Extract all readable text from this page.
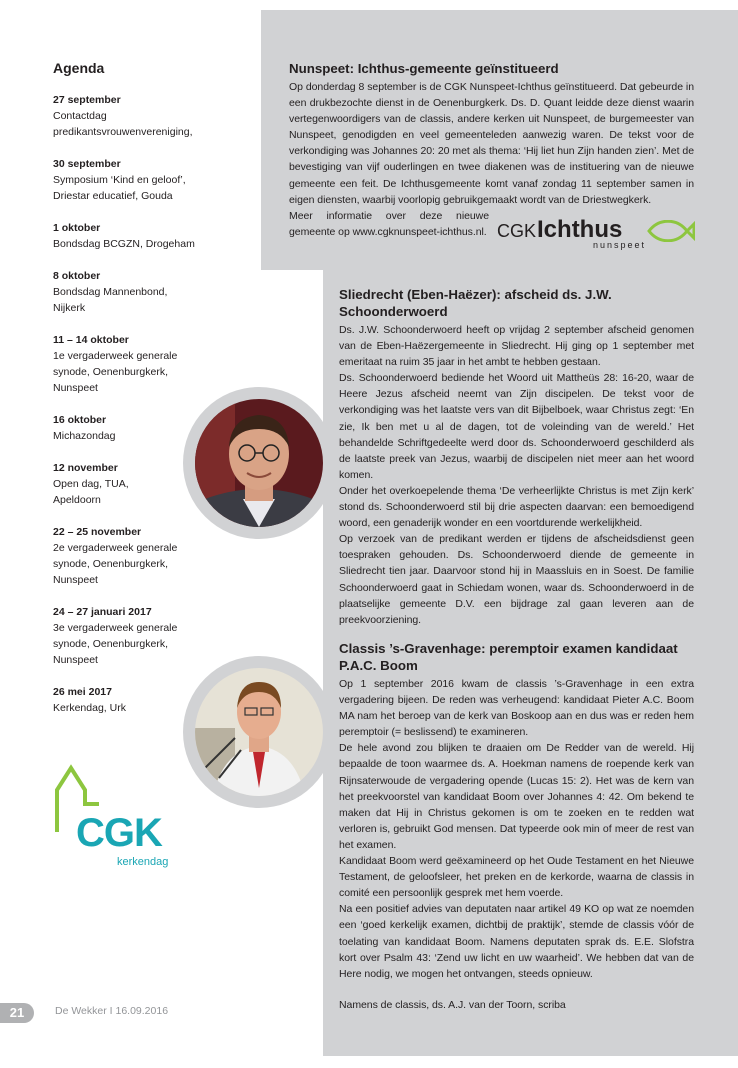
Agenda
27 september
Contactdag
predikantsvrouwenvereniging,
30 september
Symposium ‘Kind en geloof’,
Driestar educatief, Gouda
1 oktober
Bondsdag BCGZN, Drogeham
8 oktober
Bondsdag Mannenbond,
Nijkerk
11 – 14 oktober
1e vergaderweek generale
synode, Oenenburgkerk,
Nunspeet
16 oktober
Michazondag
12 november
Open dag, TUA,
Apeldoorn
22 – 25 november
2e vergaderweek generale
synode, Oenenburgkerk,
Nunspeet
24 – 27 januari 2017
3e vergaderweek generale
synode, Oenenburgkerk,
Nunspeet
26 mei 2017
Kerkendag, Urk
Nunspeet: Ichthus-gemeente geïnstitueerd

Op donderdag 8 september is de CGK Nunspeet-Ichthus geïnstitueerd. Dat gebeurde in een drukbezochte dienst in de Oenenburgkerk. Ds. D. Quant leidde deze dienst waarin vertegenwoordigers van de classis, andere kerken uit Nunspeet, de burgemeester van Nunspeet, genodigden en veel gemeenteleden aanwezig waren. De tekst voor de verkondiging was Johannes 20: 20 met als thema: ‘Hij liet hun Zijn handen zien’. Met de bevestiging van vijf ouderlingen en twee diakenen was de instituering van de nieuwe gemeente een feit. De Ichthusgemeente komt vanaf zondag 11 september samen in eigen diensten, waarbij voorlopig gebruikgemaakt wordt van de Driestwegkerk.

Meer informatie over deze nieuwe gemeente op www.cgknunspeet-ichthus.nl. CGKIchthus
nunspeet
Sliedrecht (Eben-Haëzer): afscheid ds. J.W. Schoonderwoerd

Ds. J.W. Schoonderwoerd heeft op vrijdag 2 september afscheid genomen van de Eben-Haëzergemeente in Sliedrecht. Hij ging op 1 september met emeritaat na ruim 35 jaar in het ambt te hebben gestaan.

Ds. Schoonderwoerd bediende het Woord uit Mattheüs 28: 16-20, waar de Heere Jezus afscheid neemt van Zijn discipelen. De tekst voor de verkondiging was het laatste vers van dit Bijbelboek, waar Christus zegt: ‘En zie, Ik ben met u al de dagen, tot de voleinding van de wereld.’ Het behandelde Schriftgedeelte werd door ds. Schoonderwoerd geschilderd als de laatste preek van Jezus, waarbij de discipelen niet meer aan het woord komen.

Onder het overkoepelende thema ‘De verheerlijkte Christus is met Zijn kerk’ stond ds. Schoonderwoerd stil bij drie aspecten daarvan: een bemoedigend woord, een genaderijk wonder en een voortdurende werkelijkheid.

Op verzoek van de predikant werden er tijdens de afscheidsdienst geen toespraken gehouden. Ds. Schoonderwoerd diende de gemeente in Sliedrecht tien jaar. Daarvoor stond hij in Maassluis en in Soest. De familie Schoonderwoerd gaat in Schiedam wonen, waar ds. Schoonderwoerd in de plaatselijke gemeente D.V. een bijdrage zal gaan leveren aan de preekvoorziening.

Classis ’s-Gravenhage: peremptoir examen kandidaat P.A.C. Boom

Op 1 september 2016 kwam de classis ’s-Gravenhage in een extra vergadering bijeen. De reden was verheugend: kandidaat Pieter A.C. Boom MA nam het beroep van de kerk van Boskoop aan en dus was er reden hem peremptoir (= beslissend) te examineren.

De hele avond zou blijken te draaien om De Redder van de wereld. Hij bepaalde de toon waarmee ds. A. Hoekman namens de roepende kerk van Rijnsaterwoude de vergadering opende (Lucas 15: 2). Het was de kern van het preekvoorstel van kandidaat Boom over Johannes 4: 42. Om bekend te maken dat Hij in Christus gekomen is om te zoeken en te redden wat verloren is, gebruikt God mensen. Dat typeerde ook min of meer de rest van het examen.

Kandidaat Boom werd geëxamineerd op het Oude Testament en het Nieuwe Testament, de geloofsleer, het preken en de kerkorde, waarna de classis in comité een persoonlijk gesprek met hem voerde.

Na een positief advies van deputaten naar artikel 49 KO op wat ze noemden een ‘goed kerkelijk examen, dichtbij de praktijk’, stemde de classis vóór de toelating van kandidaat Boom. Namens deputaten sprak ds. E.E. Slofstra kort over Psalm 43: ‘Zend uw licht en uw waarheid’. We hebben dat van de Here nodig, we mogen het ontvangen, steeds opnieuw.

Namens de classis, ds. A.J. van der Toorn, scriba

CGK
kerkendag
21	De Wekker I 16.09.2016
